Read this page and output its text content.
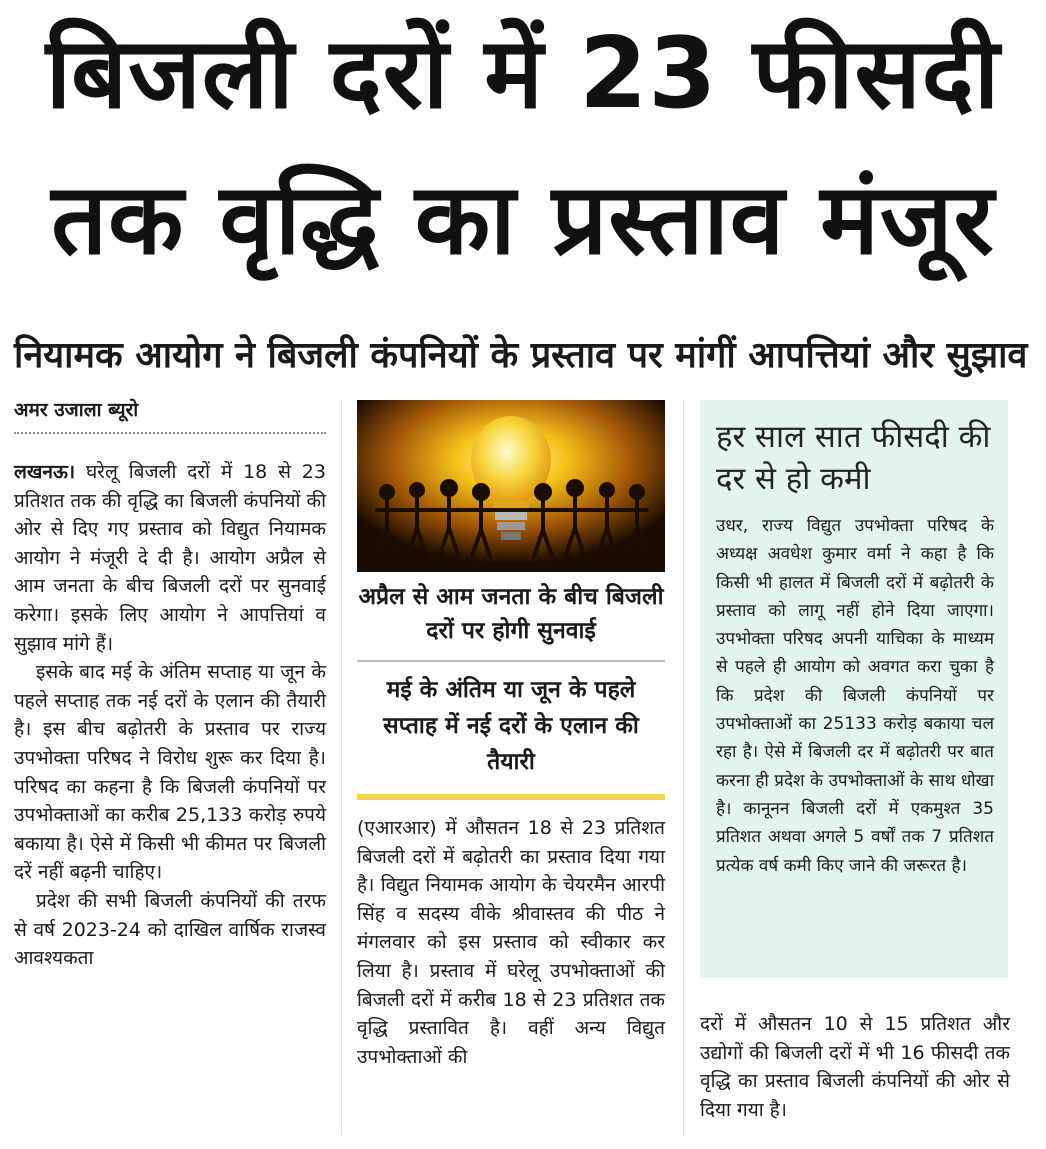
बिजली दरों में 23 फीसदी
तक वृद्धि का प्रस्ताव मंजूर
नियामक आयोग ने बिजली कंपनियों के प्रस्ताव पर मांगीं आपत्तियां और सुझाव
अमर उजाला ब्यूरो

लखनऊ। घरेलू बिजली दरों में 18 से 23 प्रतिशत तक की वृद्धि का बिजली कंपनियों की ओर से दिए गए प्रस्ताव को विद्युत नियामक आयोग ने मंजूरी दे दी है। आयोग अप्रैल से आम जनता के बीच बिजली दरों पर सुनवाई करेगा। इसके लिए आयोग ने आपत्तियां व सुझाव मांगे हैं।

इसके बाद मई के अंतिम सप्ताह या जून के पहले सप्ताह तक नई दरों के एलान की तैयारी है। इस बीच बढ़ोतरी के प्रस्ताव पर राज्य उपभोक्ता परिषद ने विरोध शुरू कर दिया है। परिषद का कहना है कि बिजली कंपनियों पर उपभोक्ताओं का करीब 25,133 करोड़ रुपये बकाया है। ऐसे में किसी भी कीमत पर बिजली दरें नहीं बढ़नी चाहिए।

प्रदेश की सभी बिजली कंपनियों की तरफ से वर्ष 2023-24 को दाखिल वार्षिक राजस्व आवश्यकता

अप्रैल से आम जनता के बीच बिजली दरों पर होगी सुनवाई
मई के अंतिम या जून के पहले सप्ताह में नई दरों के एलान की तैयारी

(एआरआर) में औसतन 18 से 23 प्रतिशत बिजली दरों में बढ़ोतरी का प्रस्ताव दिया गया है। विद्युत नियामक आयोग के चेयरमैन आरपी सिंह व सदस्य वीके श्रीवास्तव की पीठ ने मंगलवार को इस प्रस्ताव को स्वीकार कर लिया है। प्रस्ताव में घरेलू उपभोक्ताओं की बिजली दरों में करीब 18 से 23 प्रतिशत तक वृद्धि प्रस्तावित है। वहीं अन्य विद्युत उपभोक्ताओं की

हर साल सात फीसदी की दर से हो कमी
उधर, राज्य विद्युत उपभोक्ता परिषद के अध्यक्ष अवधेश कुमार वर्मा ने कहा है कि किसी भी हालत में बिजली दरों में बढ़ोतरी के प्रस्ताव को लागू नहीं होने दिया जाएगा। उपभोक्ता परिषद अपनी याचिका के माध्यम से पहले ही आयोग को अवगत करा चुका है कि प्रदेश की बिजली कंपनियों पर उपभोक्ताओं का 25133 करोड़ बकाया चल रहा है। ऐसे में बिजली दर में बढ़ोतरी पर बात करना ही प्रदेश के उपभोक्ताओं के साथ धोखा है। कानूनन बिजली दरों में एकमुश्त 35 प्रतिशत अथवा अगले 5 वर्षों तक 7 प्रतिशत प्रत्येक वर्ष कमी किए जाने की जरूरत है।

दरों में औसतन 10 से 15 प्रतिशत और उद्योगों की बिजली दरों में भी 16 फीसदी तक वृद्धि का प्रस्ताव बिजली कंपनियों की ओर से दिया गया है।
